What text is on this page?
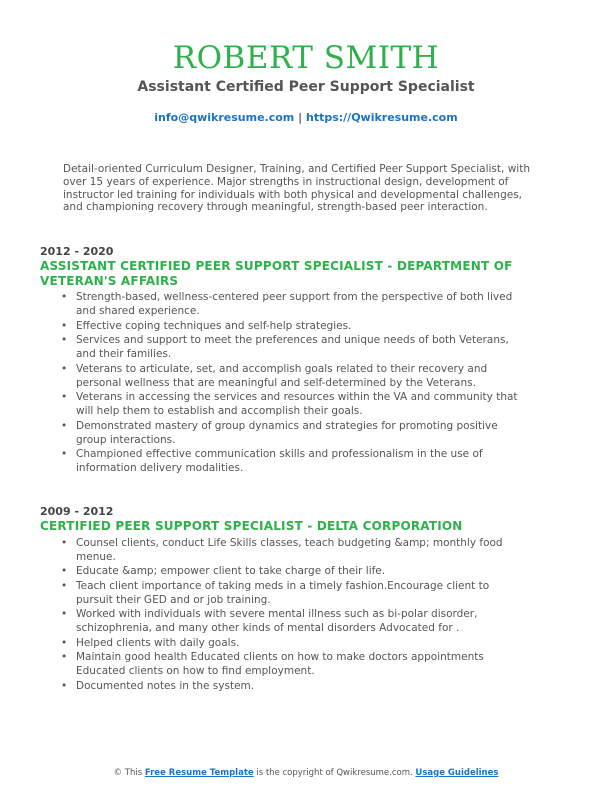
ROBERT SMITH
Assistant Certified Peer Support Specialist
info@qwikresume.com | https://Qwikresume.com
Detail-oriented Curriculum Designer, Training, and Certified Peer Support Specialist, with over 15 years of experience. Major strengths in instructional design, development of instructor led training for individuals with both physical and developmental challenges, and championing recovery through meaningful, strength-based peer interaction.
2012 - 2020
ASSISTANT CERTIFIED PEER SUPPORT SPECIALIST - DEPARTMENT OF VETERAN'S AFFAIRS
• Strength-based, wellness-centered peer support from the perspective of both lived and shared experience.
• Effective coping techniques and self-help strategies.
• Services and support to meet the preferences and unique needs of both Veterans, and their families.
• Veterans to articulate, set, and accomplish goals related to their recovery and personal wellness that are meaningful and self-determined by the Veterans.
• Veterans in accessing the services and resources within the VA and community that will help them to establish and accomplish their goals.
• Demonstrated mastery of group dynamics and strategies for promoting positive group interactions.
• Championed effective communication skills and professionalism in the use of information delivery modalities.
2009 - 2012
CERTIFIED PEER SUPPORT SPECIALIST - DELTA CORPORATION
• Counsel clients, conduct Life Skills classes, teach budgeting &amp; monthly food menue.
• Educate &amp; empower client to take charge of their life.
• Teach client importance of taking meds in a timely fashion.Encourage client to pursuit their GED and or job training.
• Worked with individuals with severe mental illness such as bi-polar disorder, schizophrenia, and many other kinds of mental disorders Advocated for .
• Helped clients with daily goals.
• Maintain good health Educated clients on how to make doctors appointments Educated clients on how to find employment.
• Documented notes in the system.
© This Free Resume Template is the copyright of Qwikresume.com. Usage Guidelines
